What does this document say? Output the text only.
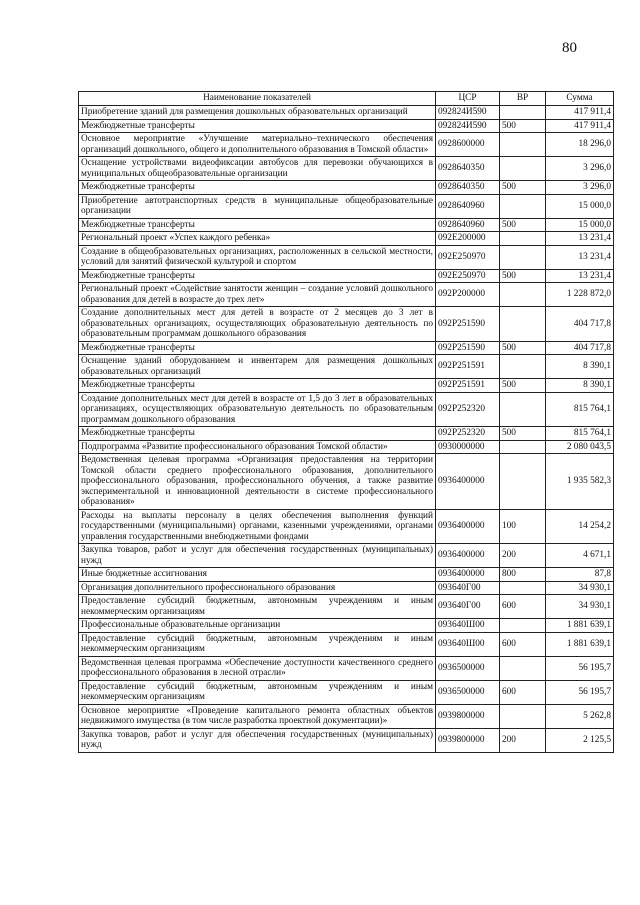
80
Наименование показателей	ЦСР	ВР	Сумма
Приобретение зданий для размещения дошкольных образовательных организаций	092824И590		417 911,4
Межбюджетные трансферты	092824И590	500	417 911,4
Основное мероприятие «Улучшение материально–технического обеспечения организаций дошкольного, общего и дополнительного образования в Томской области»	0928600000		18 296,0
Оснащение устройствами видеофиксации автобусов для перевозки обучающихся в муниципальных общеобразовательные организации	0928640350		3 296,0
Межбюджетные трансферты	0928640350	500	3 296,0
Приобретение автотранспортных средств в муниципальные общеобразовательные организации	0928640960		15 000,0
Межбюджетные трансферты	0928640960	500	15 000,0
Региональный проект «Успех каждого ребенка»	092E200000		13 231,4
Создание в общеобразовательных организациях, расположенных в сельской местности, условий для занятий физической культурой и спортом	092E250970		13 231,4
Межбюджетные трансферты	092E250970	500	13 231,4
Региональный проект «Содействие занятости женщин – создание условий дошкольного образования для детей в возрасте до трех лет»	092P200000		1 228 872,0
Создание дополнительных мест для детей в возрасте от 2 месяцев до 3 лет в образовательных организациях, осуществляющих образовательную деятельность по образовательным программам дошкольного образования	092P251590		404 717,8
Межбюджетные трансферты	092P251590	500	404 717,8
Оснащение зданий оборудованием и инвентарем для размещения дошкольных образовательных организаций	092P251591		8 390,1
Межбюджетные трансферты	092P251591	500	8 390,1
Создание дополнительных мест для детей в возрасте от 1,5 до 3 лет в образовательных организациях, осуществляющих образовательную деятельность по образовательным программам дошкольного образования	092P252320		815 764,1
Межбюджетные трансферты	092P252320	500	815 764,1
Подпрограмма «Развитие профессионального образования Томской области»	0930000000		2 080 043,5
Ведомственная целевая программа «Организация предоставления на территории Томской области среднего профессионального образования, дополнительного профессионального образования, профессионального обучения, а также развитие экспериментальной и инновационной деятельности в системе профессионального образования»	0936400000		1 935 582,3
Расходы на выплаты персоналу в целях обеспечения выполнения функций государственными (муниципальными) органами, казенными учреждениями, органами управления государственными внебюджетными фондами	0936400000	100	14 254,2
Закупка товаров, работ и услуг для обеспечения государственных (муниципальных) нужд	0936400000	200	4 671,1
Иные бюджетные ассигнования	0936400000	800	87,8
Организация дополнительного профессионального образования	093640Г00		34 930,1
Предоставление субсидий бюджетным, автономным учреждениям и иным некоммерческим организациям	093640Г00	600	34 930,1
Профессиональные образовательные организации	093640Ш00		1 881 639,1
Предоставление субсидий бюджетным, автономным учреждениям и иным некоммерческим организациям	093640Ш00	600	1 881 639,1
Ведомственная целевая программа «Обеспечение доступности качественного среднего профессионального образования в лесной отрасли»	0936500000		56 195,7
Предоставление субсидий бюджетным, автономным учреждениям и иным некоммерческим организациям	0936500000	600	56 195,7
Основное мероприятие «Проведение капитального ремонта областных объектов недвижимого имущества (в том числе разработка проектной документации)»	0939800000		5 262,8
Закупка товаров, работ и услуг для обеспечения государственных (муниципальных) нужд	0939800000	200	2 125,5
